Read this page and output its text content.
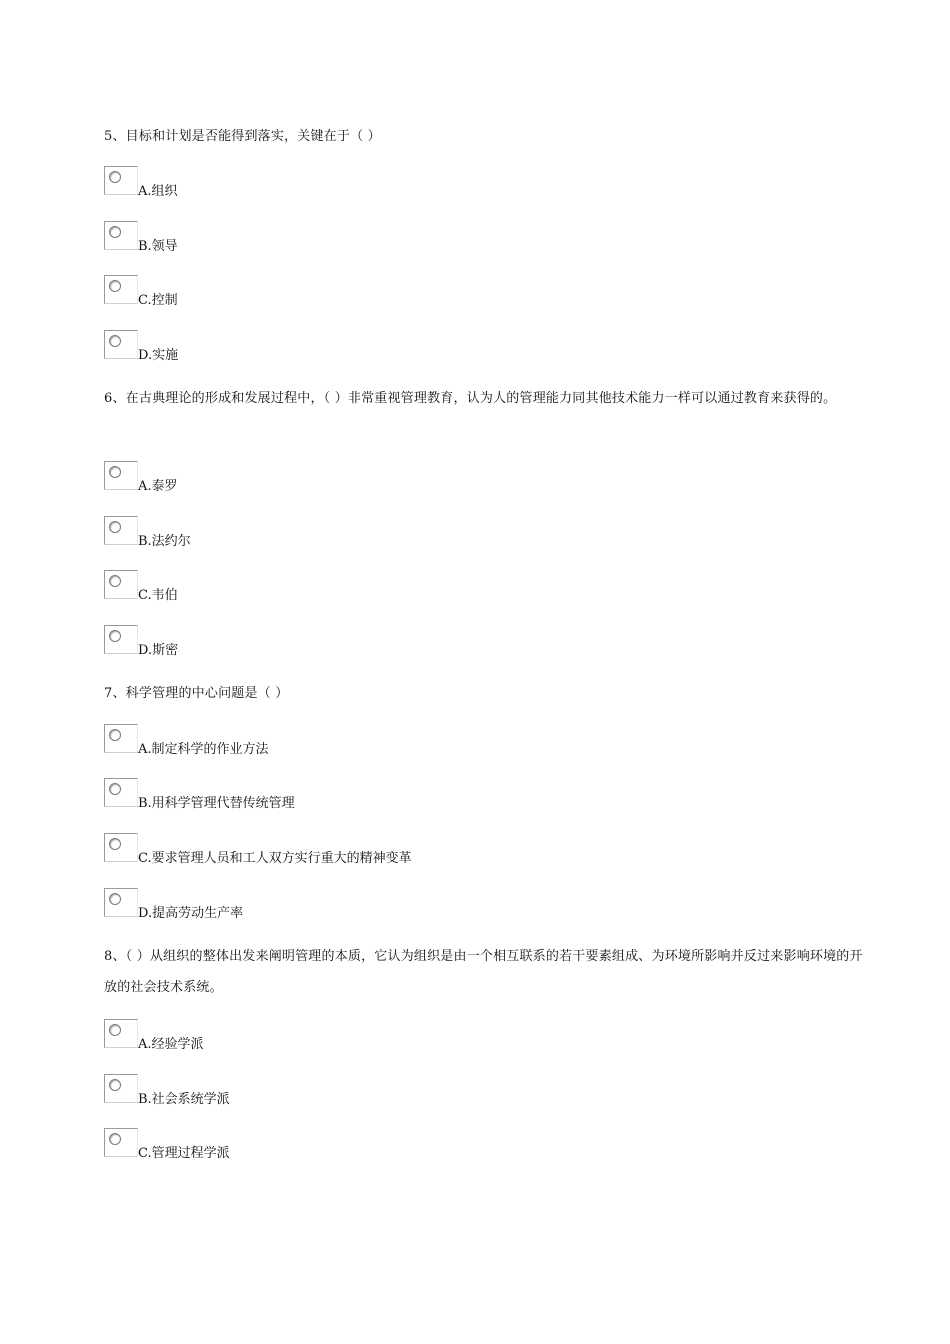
5、目标和计划是否能得到落实，关键在于（ ）

A.组织
B.领导
C.控制
D.实施

6、在古典理论的形成和发展过程中，（ ）非常重视管理教育，认为人的管理能力同其他技术能力一样可以通过教育来获得的。

A.泰罗
B.法约尔
C.韦伯
D.斯密

7、科学管理的中心问题是（ ）

A.制定科学的作业方法
B.用科学管理代替传统管理
C.要求管理人员和工人双方实行重大的精神变革
D.提高劳动生产率

8、（ ）从组织的整体出发来阐明管理的本质，它认为组织是由一个相互联系的若干要素组成、为环境所影响并反过来影响环境的开放的社会技术系统。

A.经验学派
B.社会系统学派
C.管理过程学派
